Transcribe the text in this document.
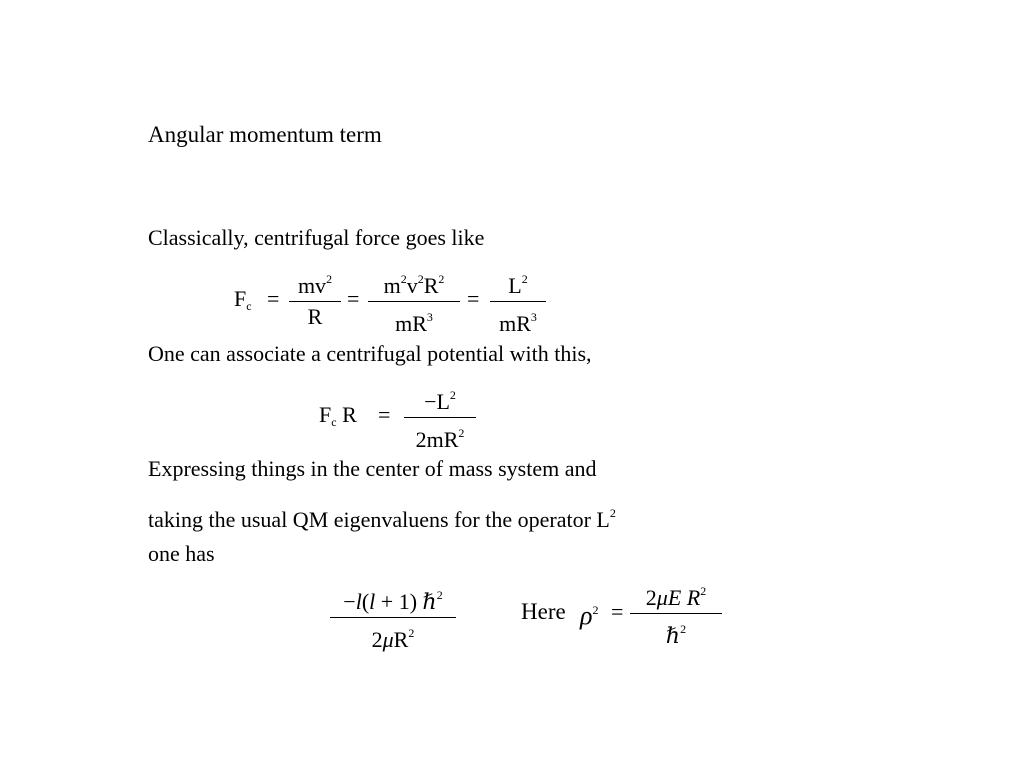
Angular momentum term
Classically, centrifugal force goes like
$F_c = \frac{mv^2}{R} = \frac{m^2v^2R^2}{mR^3} = \frac{L^2}{mR^3}$
One can associate a centrifugal potential with this,
$F_c$ $R = \frac{-L^2}{2mR^2}$
Expressing things in the center of mass system and
taking the usual QM eigenvaluens for the operator $L^2$
one has
−l(l + 1) ℏ$^2$
$2\mu R^2$
Here $\rho^2$ =
2μE $R^2$
ℏ$^2$
